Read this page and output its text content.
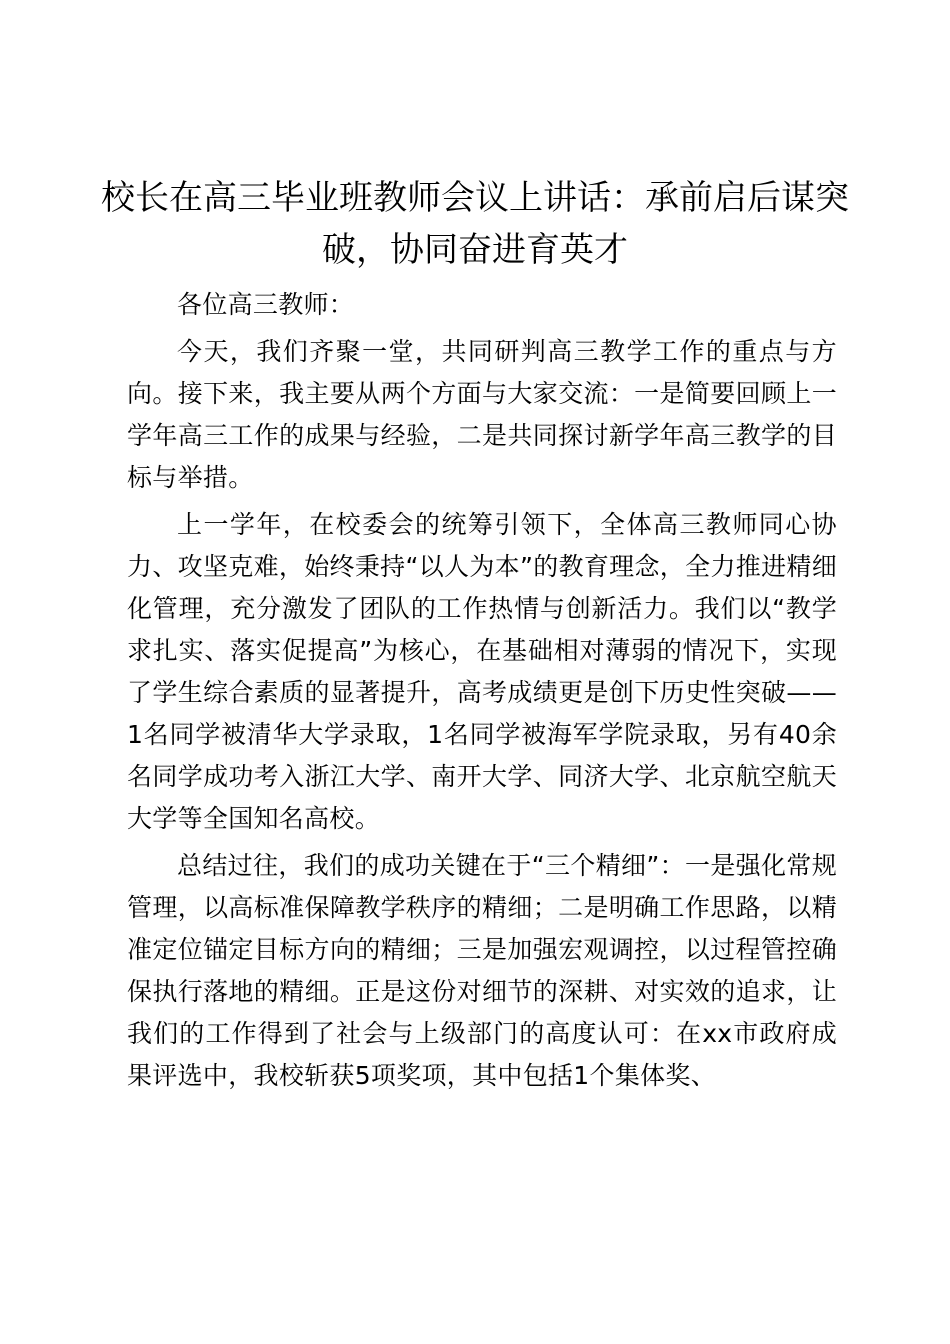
校长在高三毕业班教师会议上讲话：承前启后谋突破，协同奋进育英才

各位高三教师：

今天，我们齐聚一堂，共同研判高三教学工作的重点与方向。接下来，我主要从两个方面与大家交流：一是简要回顾上一学年高三工作的成果与经验，二是共同探讨新学年高三教学的目标与举措。

上一学年，在校委会的统筹引领下，全体高三教师同心协力、攻坚克难，始终秉持“以人为本”的教育理念，全力推进精细化管理，充分激发了团队的工作热情与创新活力。我们以“教学求扎实、落实促提高”为核心，在基础相对薄弱的情况下，实现了学生综合素质的显著提升，高考成绩更是创下历史性突破——1名同学被清华大学录取，1名同学被海军学院录取，另有40余名同学成功考入浙江大学、南开大学、同济大学、北京航空航天大学等全国知名高校。

总结过往，我们的成功关键在于“三个精细”：一是强化常规管理，以高标准保障教学秩序的精细；二是明确工作思路，以精准定位锚定目标方向的精细；三是加强宏观调控，以过程管控确保执行落地的精细。正是这份对细节的深耕、对实效的追求，让我们的工作得到了社会与上级部门的高度认可：在xx市政府成果评选中，我校斩获5项奖项，其中包括1个集体奖、
